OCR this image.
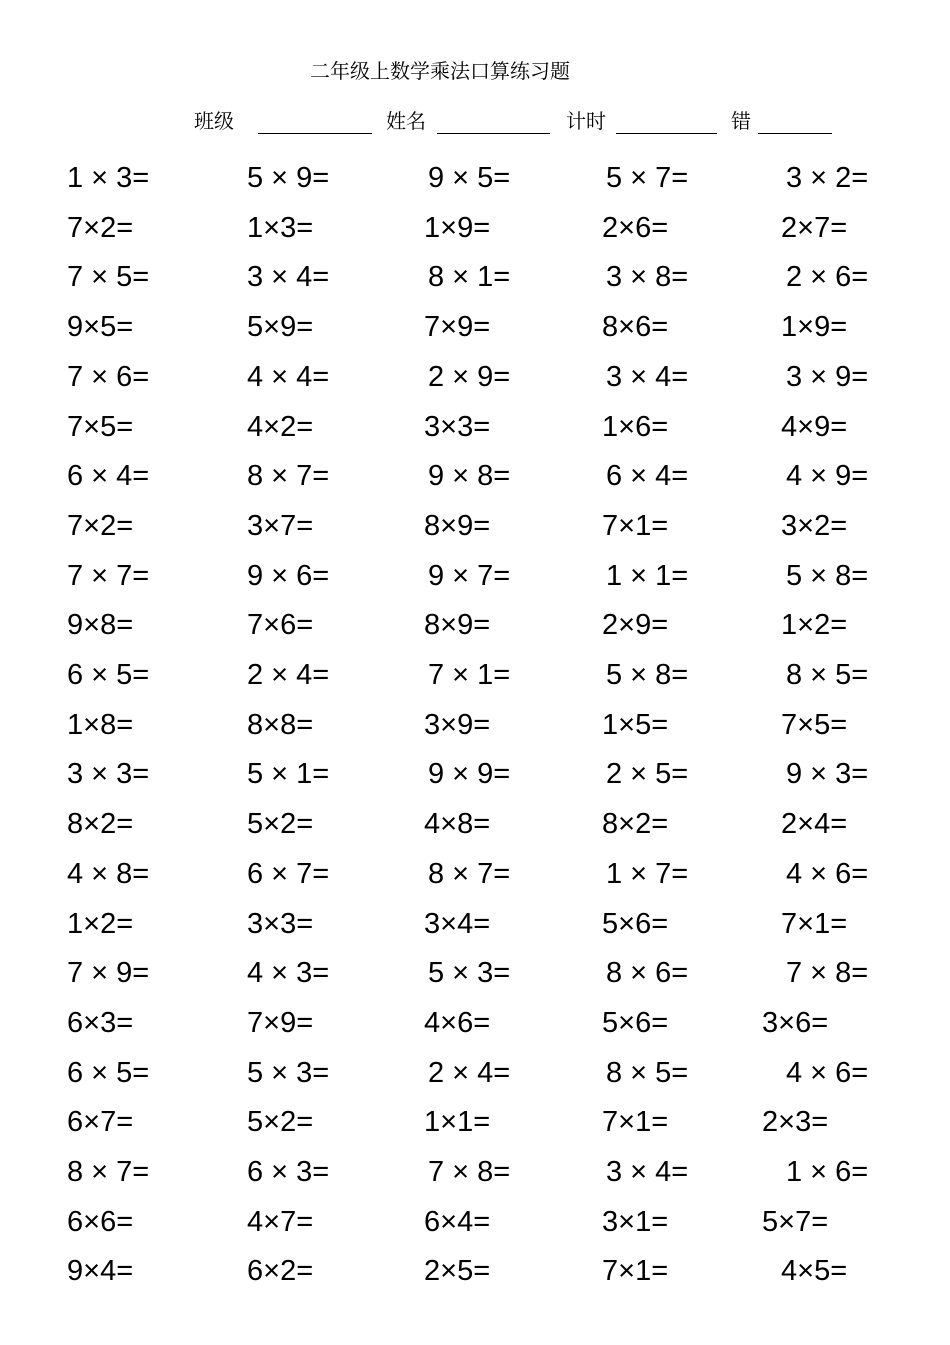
二年级上数学乘法口算练习题
班级	姓名	计时	错
1 × 3=	5 × 9=	9 × 5=	5 × 7=	3 × 2=
7×2=	1×3=	1×9=	2×6=	2×7=
7 × 5=	3 × 4=	8 × 1=	3 × 8=	2 × 6=
9×5=	5×9=	7×9=	8×6=	1×9=
7 × 6=	4 × 4=	2 × 9=	3 × 4=	3 × 9=
7×5=	4×2=	3×3=	1×6=	4×9=
6 × 4=	8 × 7=	9 × 8=	6 × 4=	4 × 9=
7×2=	3×7=	8×9=	7×1=	3×2=
7 × 7=	9 × 6=	9 × 7=	1 × 1=	5 × 8=
9×8=	7×6=	8×9=	2×9=	1×2=
6 × 5=	2 × 4=	7 × 1=	5 × 8=	8 × 5=
1×8=	8×8=	3×9=	1×5=	7×5=
3 × 3=	5 × 1=	9 × 9=	2 × 5=	9 × 3=
8×2=	5×2=	4×8=	8×2=	2×4=
4 × 8=	6 × 7=	8 × 7=	1 × 7=	4 × 6=
1×2=	3×3=	3×4=	5×6=	7×1=
7 × 9=	4 × 3=	5 × 3=	8 × 6=	7 × 8=
6×3=	7×9=	4×6=	5×6=	3×6=
6 × 5=	5 × 3=	2 × 4=	8 × 5=	4 × 6=
6×7=	5×2=	1×1=	7×1=	2×3=
8 × 7=	6 × 3=	7 × 8=	3 × 4=	1 × 6=
6×6=	4×7=	6×4=	3×1=	5×7=
9×4=	6×2=	2×5=	7×1=	4×5=
